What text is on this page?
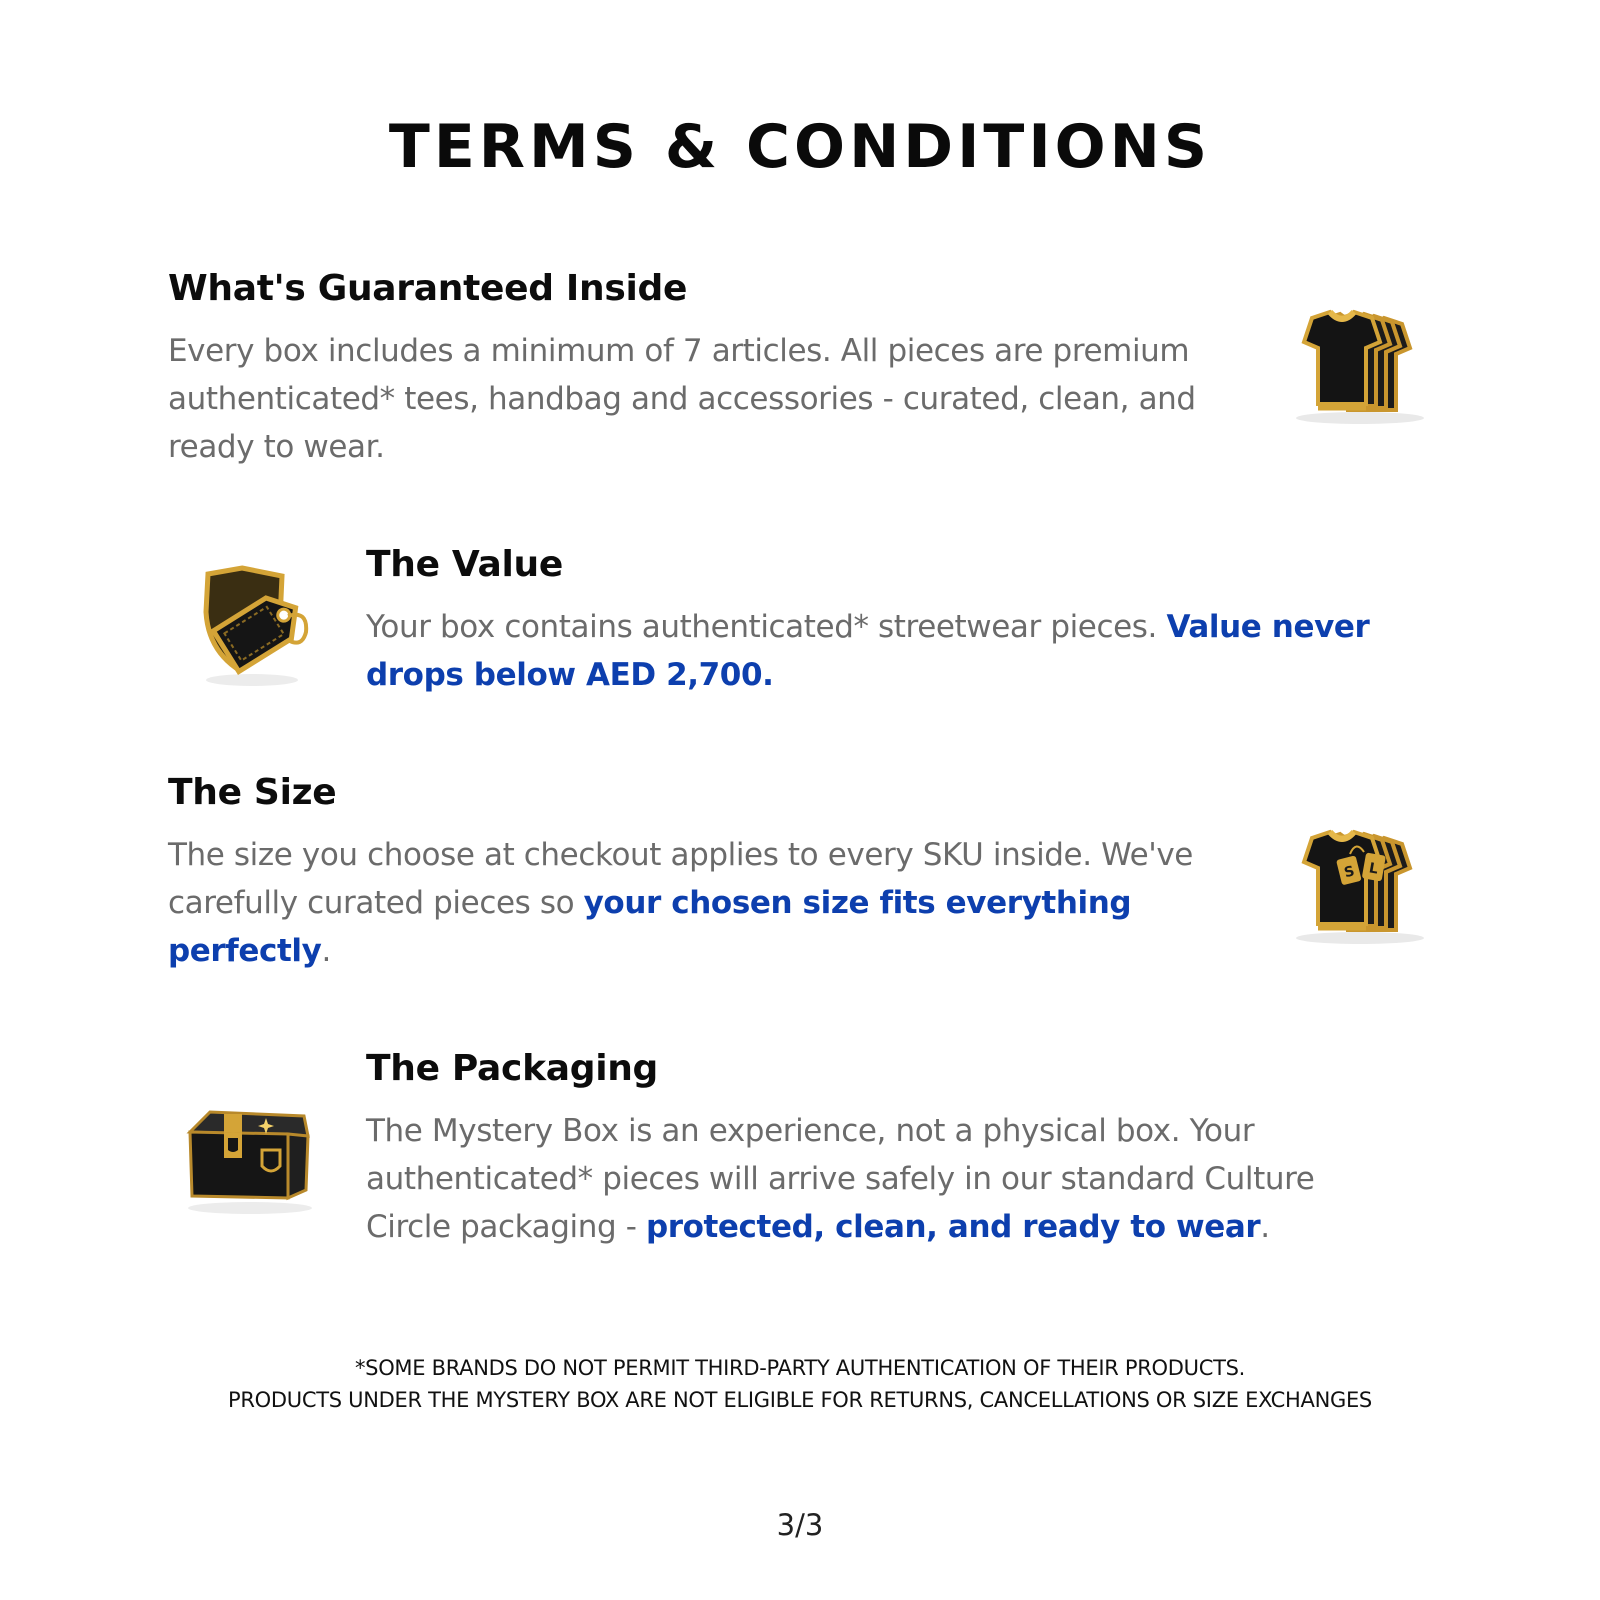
TERMS & CONDITIONS
What's Guaranteed Inside

Every box includes a minimum of 7 articles. All pieces are premium authenticated* tees, handbag and accessories - curated, clean, and ready to wear.

The Value

Your box contains authenticated* streetwear pieces. Value never drops below AED 2,700.

The Size

The size you choose at checkout applies to every SKU inside. We've carefully curated pieces so your chosen size fits everything perfectly.

S L
The Packaging

The Mystery Box is an experience, not a physical box. Your authenticated* pieces will arrive safely in our standard Culture Circle packaging - protected, clean, and ready to wear.

*SOME BRANDS DO NOT PERMIT THIRD-PARTY AUTHENTICATION OF THEIR PRODUCTS.
PRODUCTS UNDER THE MYSTERY BOX ARE NOT ELIGIBLE FOR RETURNS, CANCELLATIONS OR SIZE EXCHANGES
3/3
